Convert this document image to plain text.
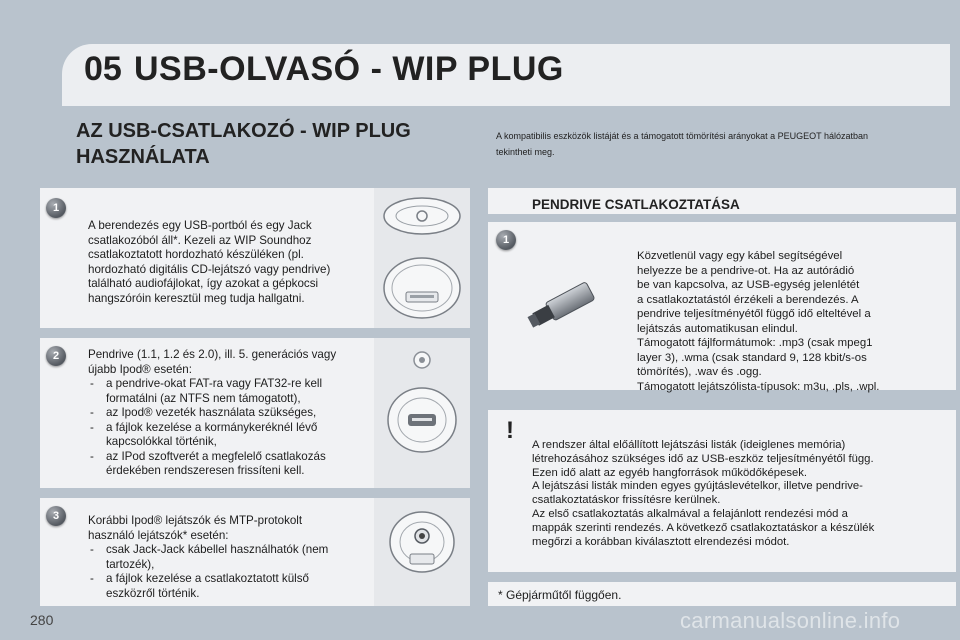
05 USB-OLVASÓ - WIP PLUG
AZ USB-CSATLAKOZÓ - WIP PLUG
HASZNÁLATA
A kompatibilis eszközök listáját és a támogatott tömörítési arányokat a PEUGEOT hálózatban
tekintheti meg.
1
A berendezés egy USB-portból és egy Jack
csatlakozóból áll*. Kezeli az WIP Soundhoz
csatlakoztatott hordozható készüléken (pl.
hordozható digitális CD-lejátszó vagy pendrive)
található audiofájlokat, így azokat a gépkocsi
hangszóróin keresztül meg tudja hallgatni.
2	Pendrive (1.1, 1.2 és 2.0), ill. 5. generációs vagy
újabb Ipod® esetén:
- a pendrive-okat FAT-ra vagy FAT32-re kell
formatálni (az NTFS nem támogatott),
- az Ipod® vezeték használata szükséges,
- a fájlok kezelése a kormánykeréknél lévő
kapcsolókkal történik,
- az IPod szoftverét a megfelelő csatlakozás
érdekében rendszeresen frissíteni kell.
3	Korábbi Ipod® lejátszók és MTP-protokolt
használó lejátszók* esetén:
- csak Jack-Jack kábellel használhatók (nem
tartozék),
- a fájlok kezelése a csatlakoztatott külső
eszközről történik.
PENDRIVE CSATLAKOZTATÁSA
1
Közvetlenül vagy egy kábel segítségével
helyezze be a pendrive-ot. Ha az autórádió
be van kapcsolva, az USB-egység jelenlétét
a csatlakoztatástól érzékeli a berendezés. A
pendrive teljesítményétől függő idő elteltével a
lejátszás automatikusan elindul.
Támogatott fájlformátumok: .mp3 (csak mpeg1
layer 3), .wma (csak standard 9, 128 kbit/s-os
tömörítés), .wav és .ogg.
Támogatott lejátszólista-típusok: m3u, .pls, .wpl.
!
A rendszer által előállított lejátszási listák (ideiglenes memória)
létrehozásához szükséges idő az USB-eszköz teljesítményétől függ.
Ezen idő alatt az egyéb hangforrások működőképesek.
A lejátszási listák minden egyes gyújtáslevételkor, illetve pendrive-
csatlakoztatáskor frissítésre kerülnek.
Az első csatlakoztatás alkalmával a felajánlott rendezési mód a
mappák szerinti rendezés. A következő csatlakoztatáskor a készülék
megőrzi a korábban kiválasztott elrendezési módot.
* Gépjárműtől függően.
280	carmanualsonline.info
